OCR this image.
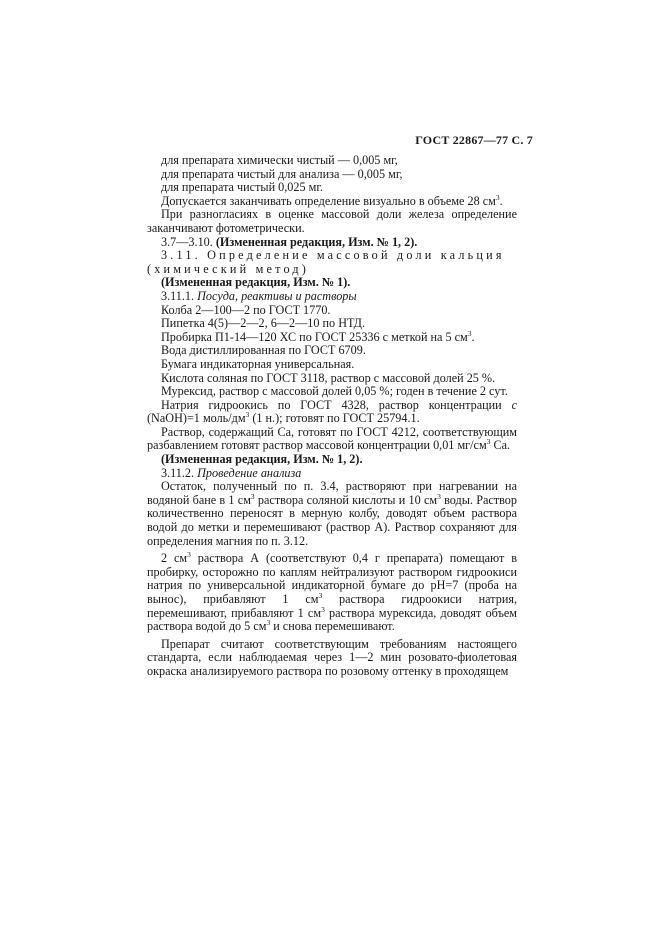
ГОСТ 22867—77 С. 7

для препарата химически чистый — 0,005 мг,

для препарата чистый для анализа — 0,005 мг,

для препарата чистый 0,025 мг.

Допускается заканчивать определение визуально в объеме 28 $см^3$.

При разногласиях в оценке массовой доли железа определение заканчивают фотометрически.

3.7—3.10. (Измененная редакция, Изм. № 1, 2).

3.11. Определение массовой доли кальция (химический метод)

(Измененная редакция, Изм. № 1).

3.11.1. Посуда, реактивы и растворы

Колба 2—100—2 по ГОСТ 1770.

Пипетка 4(5)—2—2, 6—2—10 по НТД.

Пробирка П1-14—120 ХС по ГОСТ 25336 с меткой на 5 $см^3$.

Вода дистиллированная по ГОСТ 6709.

Бумага индикаторная универсальная.

Кислота соляная по ГОСТ 3118, раствор с массовой долей 25 %.

Мурексид, раствор с массовой долей 0,05 %; годен в течение 2 сут.

Натрия гидроокись по ГОСТ 4328, раствор концентрации с (NaOH)=1 моль/$дм^3$ (1 н.); готовят по ГОСТ 25794.1.

Раствор, содержащий Са, готовят по ГОСТ 4212, соответствующим разбавлением готовят раствор массовой концентрации 0,01 $мг/см^3$ Са.

(Измененная редакция, Изм. № 1, 2).

3.11.2. Проведение анализа

Остаток, полученный по п. 3.4, растворяют при нагревании на водяной бане в 1 $см^3$ раствора соляной кислоты и 10 $см^3$ воды. Раствор количественно переносят в мерную колбу, доводят объем раствора водой до метки и перемешивают (раствор А). Раствор сохраняют для определения магния по п. 3.12.

2 $см^3$ раствора А (соответствуют 0,4 г препарата) помещают в пробирку, осторожно по каплям нейтрализуют раствором гидроокиси натрия по универсальной индикаторной бумаге до рН=7 (проба на вынос), прибавляют 1 $см^3$ раствора гидроокиси натрия, перемешивают, прибавляют 1 $см^3$ раствора мурексида, доводят объем раствора водой до 5 $см^3$ и снова перемешивают.

Препарат считают соответствующим требованиям настоящего стандарта, если наблюдаемая через 1—2 мин розовато-фиолетовая окраска анализируемого раствора по розовому оттенку в проходящем
